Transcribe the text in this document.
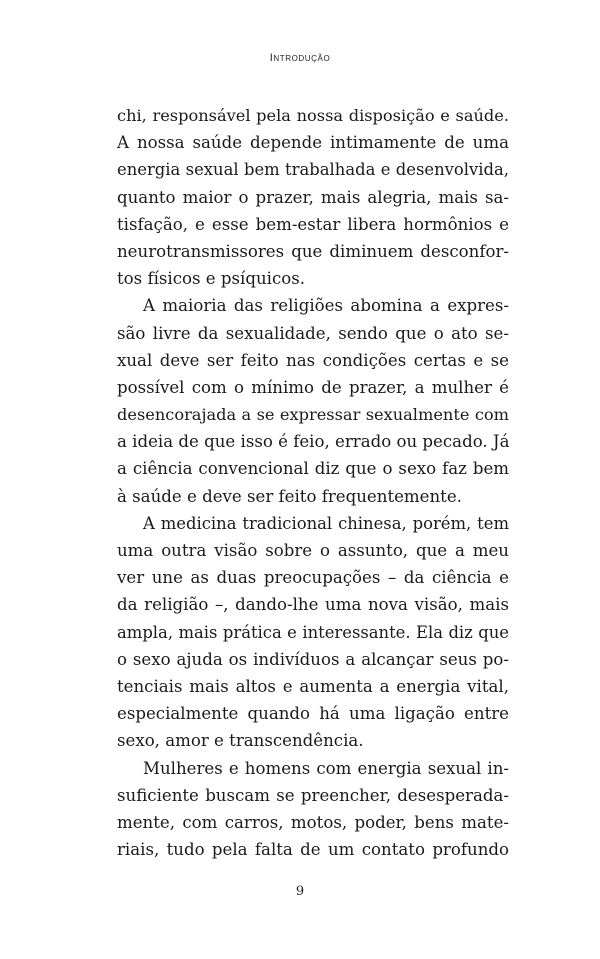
Introdução
chi, responsável pela nossa disposição e saúde.
A nossa saúde depende intimamente de uma
energia sexual bem trabalhada e desenvolvida,
quanto maior o prazer, mais alegria, mais sa-
tisfação, e esse bem-estar libera hormônios e
neurotransmissores que diminuem desconfor-
tos físicos e psíquicos.
A maioria das religiões abomina a expres-
são livre da sexualidade, sendo que o ato se-
xual deve ser feito nas condições certas e se
possível com o mínimo de prazer, a mulher é
desencorajada a se expressar sexualmente com
a ideia de que isso é feio, errado ou pecado. Já
a ciência convencional diz que o sexo faz bem
à saúde e deve ser feito frequentemente.
A medicina tradicional chinesa, porém, tem
uma outra visão sobre o assunto, que a meu
ver une as duas preocupações – da ciência e
da religião –, dando-lhe uma nova visão, mais
ampla, mais prática e interessante. Ela diz que
o sexo ajuda os indivíduos a alcançar seus po-
tenciais mais altos e aumenta a energia vital,
especialmente quando há uma ligação entre
sexo, amor e transcendência.
Mulheres e homens com energia sexual in-
suficiente buscam se preencher, desesperada-
mente, com carros, motos, poder, bens mate-
riais, tudo pela falta de um contato profundo
9
